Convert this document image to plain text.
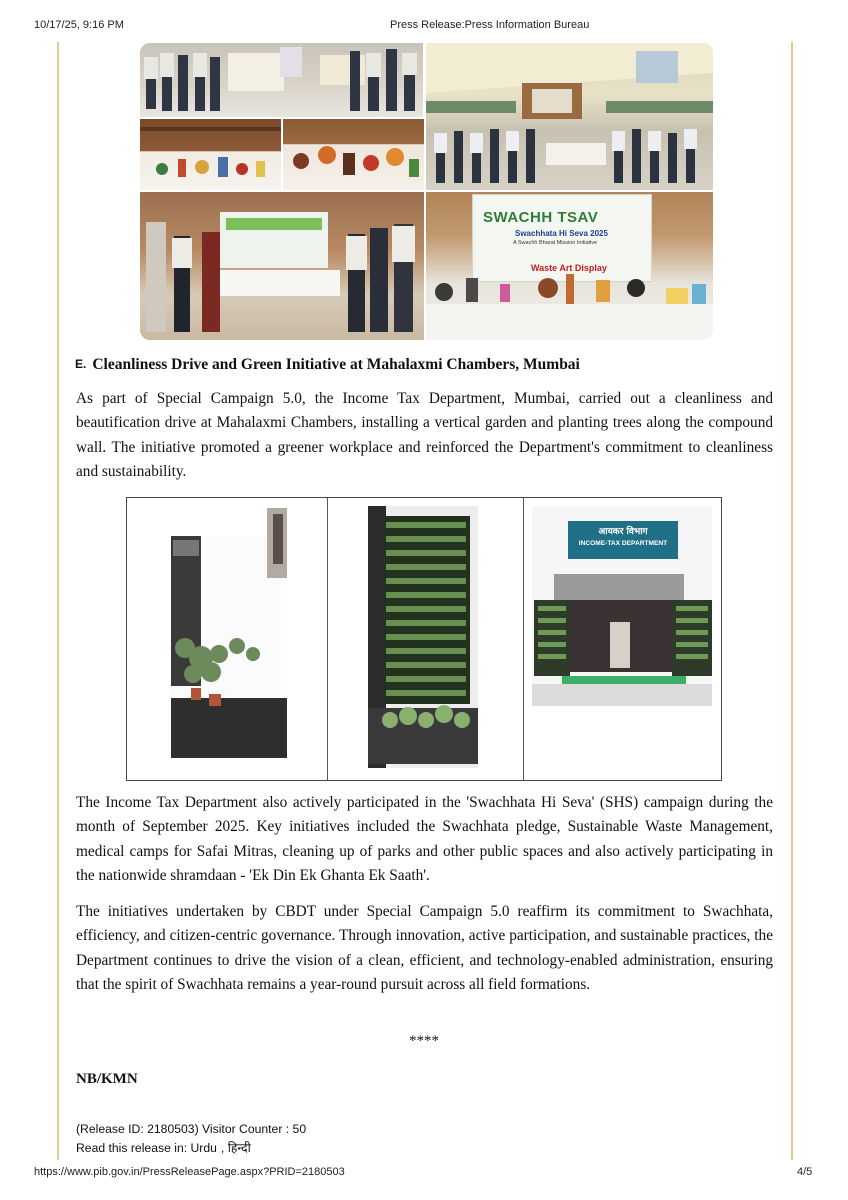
10/17/25, 9:16 PM	Press Release:Press Information Bureau
SWACHH TSAV
Swachhata Hi Seva 2025
A Swachh Bharat Mission Initiative
Waste Art Display
E. Cleanliness Drive and Green Initiative at Mahalaxmi Chambers, Mumbai

As part of Special Campaign 5.0, the Income Tax Department, Mumbai, carried out a cleanliness and beautification drive at Mahalaxmi Chambers, installing a vertical garden and planting trees along the compound wall. The initiative promoted a greener workplace and reinforced the Department's commitment to cleanliness and sustainability.

आयकर विभाग
INCOME-TAX DEPARTMENT

The Income Tax Department also actively participated in the 'Swachhata Hi Seva' (SHS) campaign during the month of September 2025. Key initiatives included the Swachhata pledge, Sustainable Waste Management, medical camps for Safai Mitras, cleaning up of parks and other public spaces and also actively participating in the nationwide shramdaan - 'Ek Din Ek Ghanta Ek Saath'.

The initiatives undertaken by CBDT under Special Campaign 5.0 reaffirm its commitment to Swachhata, efficiency, and citizen-centric governance. Through innovation, active participation, and sustainable practices, the Department continues to drive the vision of a clean, efficient, and technology-enabled administration, ensuring that the spirit of Swachhata remains a year-round pursuit across all field formations.

****
NB/KMN
(Release ID: 2180503) Visitor Counter : 50
Read this release in: Urdu , हिन्दी
https://www.pib.gov.in/PressReleasePage.aspx?PRID=2180503	4/5
